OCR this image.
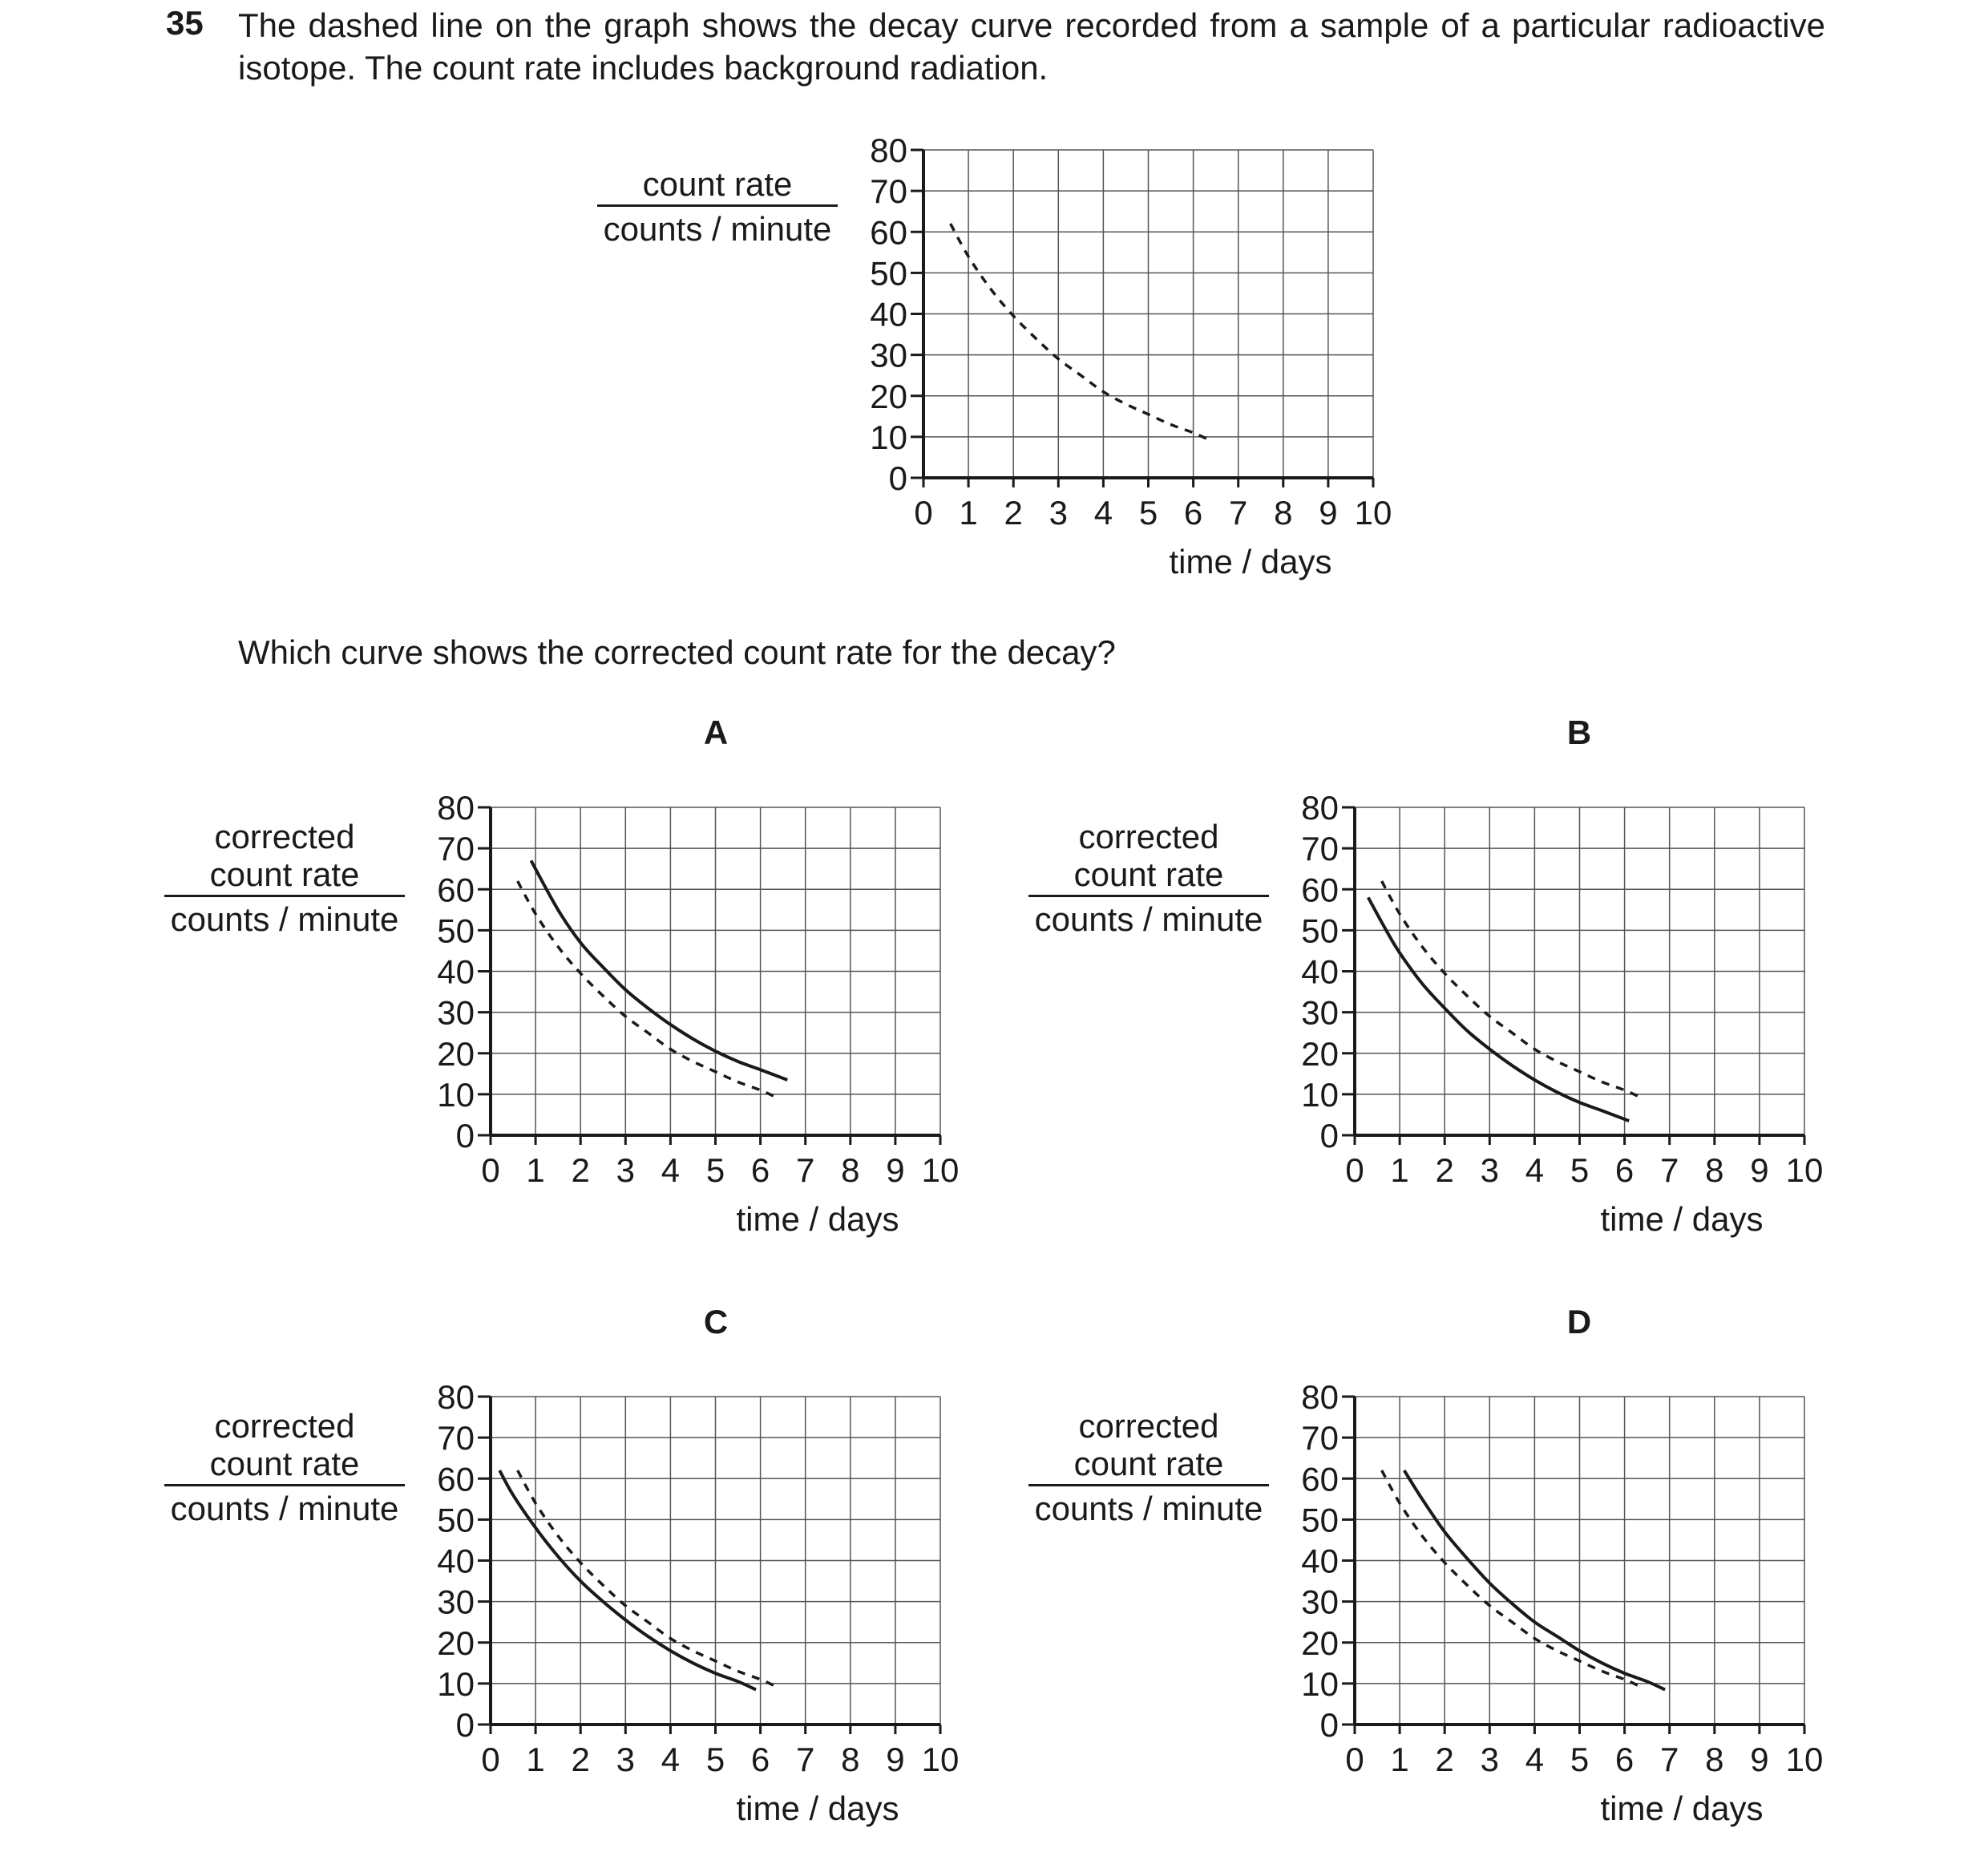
35 The dashed line on the graph shows the decay curve recorded from a sample of a particular radioactive isotope. The count rate includes background radiation.
Which curve shows the corrected count rate for the decay?
A	B
C	D
count rate
counts / minute
corrected
count rate
counts / minute
corrected
count rate
counts / minute
corrected
count rate
counts / minute
corrected
count rate
counts / minute
0 1 2 3 4 5 6 7 8 9 10
0
10
20
30
40
50
60
70
80
time / days
0 1 2 3 4 5 6 7 8 9 10
0
10
20
30
40
50
60
70
80
time / days
0 1 2 3 4 5 6 7 8 9 10
0
10
20
30
40
50
60
70
80
time / days
0 1 2 3 4 5 6 7 8 9 10
0
10
20
30
40
50
60
70
80
time / days
0 1 2 3 4 5 6 7 8 9 10
0
10
20
30
40
50
60
70
80
time / days
